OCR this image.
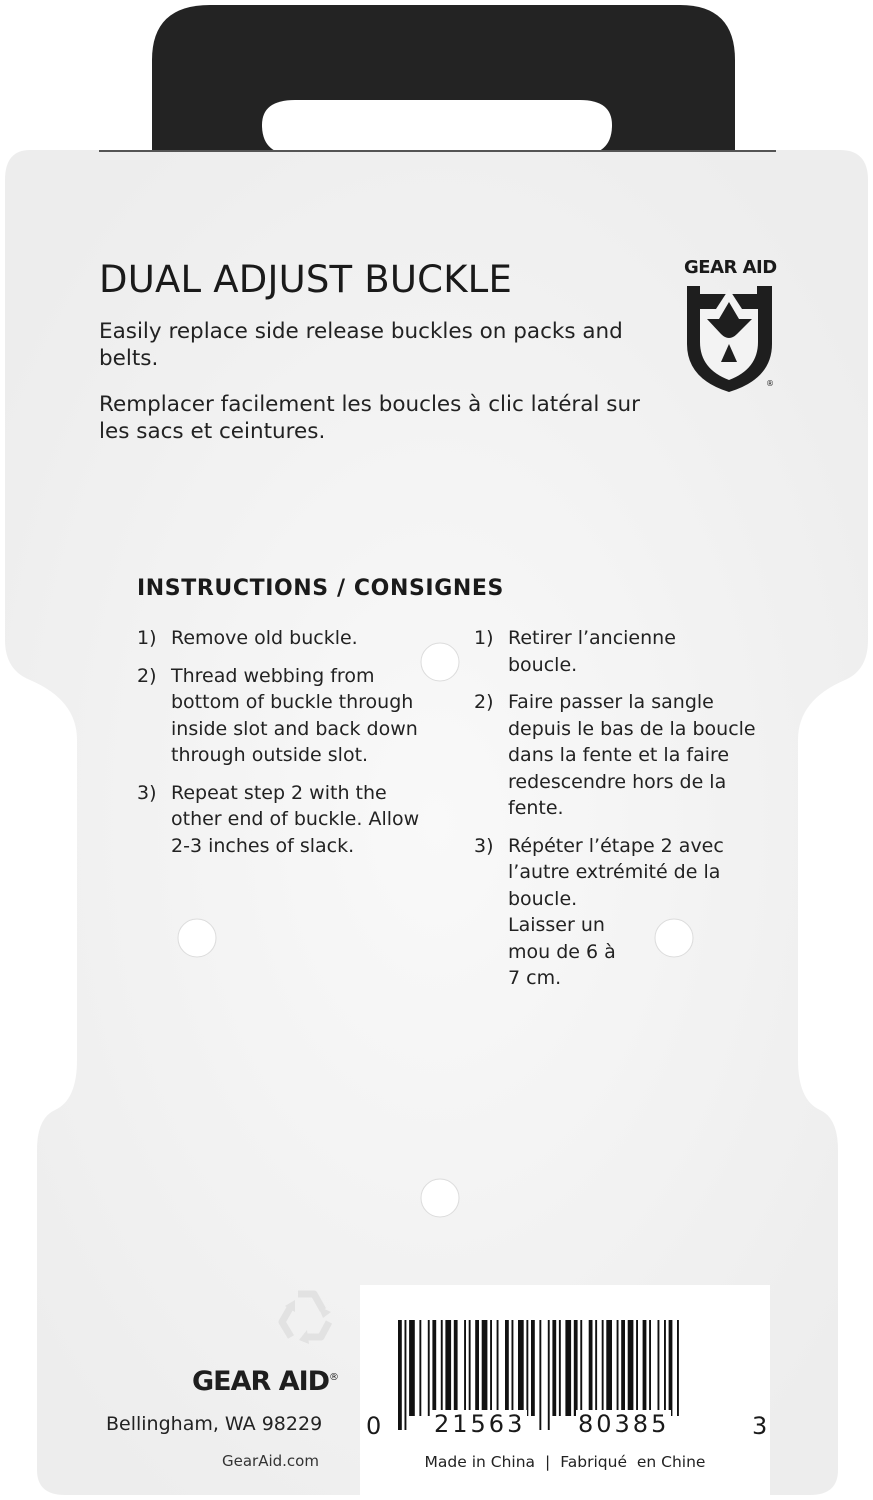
DUAL ADJUST BUCKLE
Easily replace side release buckles on packs and belts.
Remplacer facilement les boucles à clic latéral sur les sacs et ceintures.
GEAR AID
®
INSTRUCTIONS / CONSIGNES
1) Remove old buckle.
2) Thread webbing from bottom of buckle through inside slot and back down through outside slot.
3) Repeat step 2 with the other end of buckle. Allow 2-3 inches of slack.
1) Retirer l’ancienne
boucle.
2) Faire passer la sangle depuis le bas de la boucle dans la fente et la faire redescendre hors de la fente.
3) Répéter l’étape 2 avec l’autre extrémité de la boucle.
Laisser un
mou de 6 à
7 cm.
GEAR AID®
Bellingham, WA 98229
GearAid.com
0 21563 80385	3
Made in China | Fabriqué  en Chine
